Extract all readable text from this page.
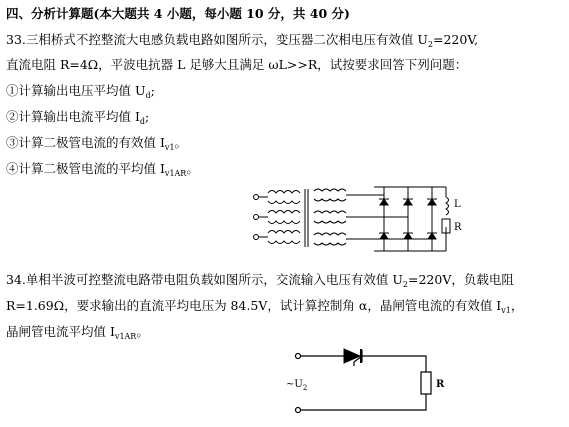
四、分析计算题(本大题共 4 小题，每小题 10 分，共 40 分)
33.三相桥式不控整流大电感负载电路如图所示，变压器二次相电压有效值 $U_2=220V$,
直流电阻 R=4Ω，平波电抗器 L 足够大且满足 ωL>>R，试按要求回答下列问题：
①计算输出电压平均值 $U_d$;
②计算输出电流平均值 $I_d$;
③计算二极管电流的有效值 $I_{v1}$。
④计算二极管电流的平均值 $I_{v1AR}$。
L
R
34.单相半波可控整流电路带电阻负载如图所示，交流输入电压有效值 $U_2=220V$，负载电阻
R=1.69Ω，要求输出的直流平均电压为 84.5V，试计算控制角 α，晶闸管电流的有效值 $I_{v1}$，
晶闸管电流平均值 $I_{v1AR}$。
$\sim U_2$	R
